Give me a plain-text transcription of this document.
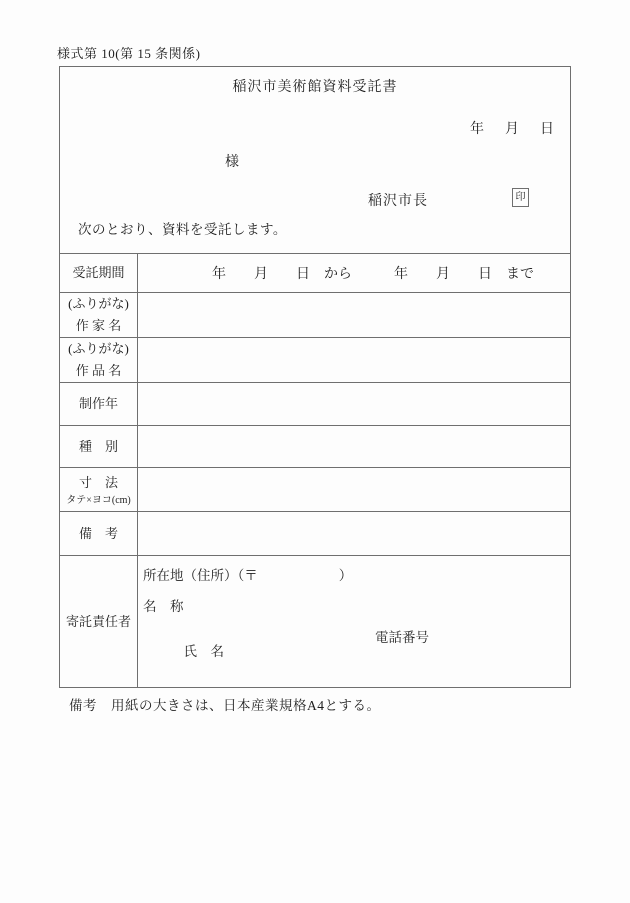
様式第 10(第 15 条関係)
稲沢市美術館資料受託書
年 月 日
様
稲沢市長	印
次のとおり、資料を受託します。
受託期間	年　　月　　日　から　　　年　　月　　日　まで
(ふりがな)
作 家 名
(ふりがな)
作 品 名
制作年
種　別
寸　法
タテ×ヨコ(cm)
備　考
寄託責任者
所在地（住所）（〒　　　　　　）
名　称

氏　名

電話番号

備考　用紙の大きさは、日本産業規格A4とする。
